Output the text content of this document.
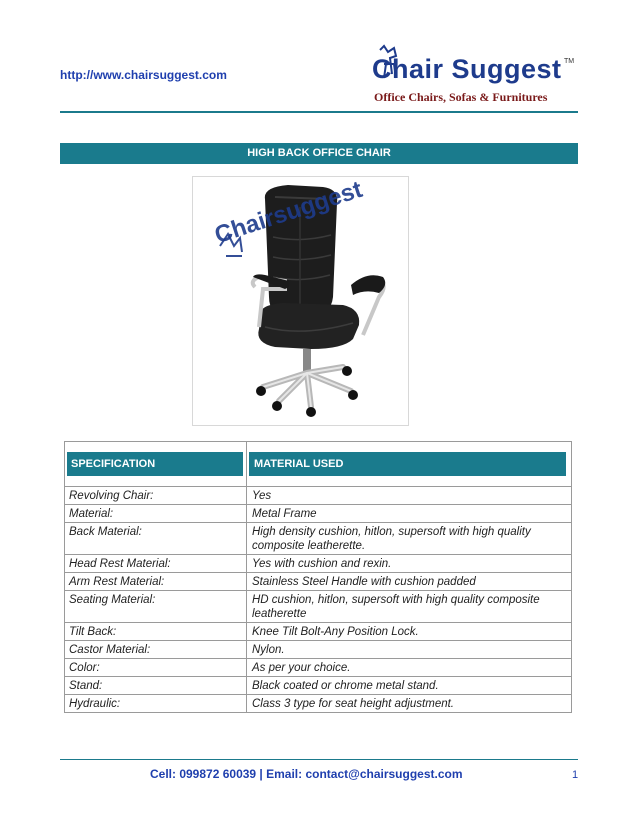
http://www.chairsuggest.com	Chair Suggest TM
Office Chairs, Sofas & Furnitures
HIGH BACK OFFICE CHAIR
Chairsuggest
SPECIFICATION	MATERIAL USED
Revolving Chair:	Yes
Material:	Metal Frame
Back Material:	High density cushion, hitlon, supersoft with high quality composite leatherette.
Head Rest Material:	Yes with cushion and rexin.
Arm Rest Material:	Stainless Steel Handle with cushion padded
Seating Material:	HD cushion, hitlon, supersoft with high quality composite leatherette
Tilt Back:	Knee Tilt Bolt-Any Position Lock.
Castor Material:	Nylon.
Color:	As per your choice.
Stand:	Black coated or chrome metal stand.
Hydraulic:	Class 3 type for seat height adjustment.
Cell: 099872 60039 | Email: contact@chairsuggest.com	1
